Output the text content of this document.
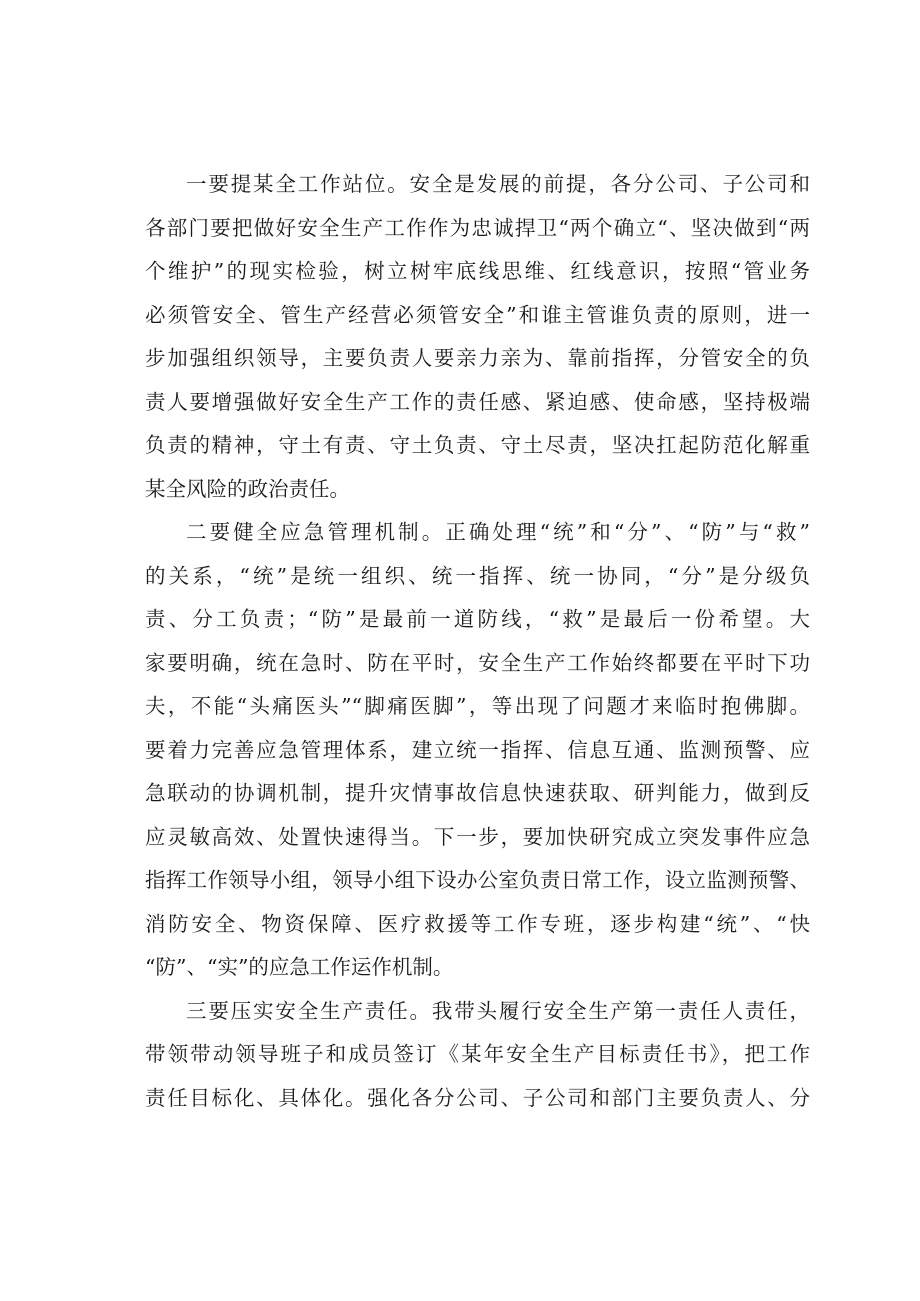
一要提某全工作站位。安全是发展的前提，各分公司、子公司和
各部门要把做好安全生产工作作为忠诚捍卫“两个确立“、坚决做到“两
个维护”的现实检验，树立树牢底线思维、红线意识，按照“管业务
必须管安全、管生产经营必须管安全”和谁主管谁负责的原则，进一
步加强组织领导，主要负责人要亲力亲为、靠前指挥，分管安全的负
责人要增强做好安全生产工作的责任感、紧迫感、使命感，坚持极端
负责的精神，守土有责、守土负责、守土尽责，坚决扛起防范化解重
某全风险的政治责任。
二要健全应急管理机制。正确处理“统”和“分”、“防”与“救”
的关系，“统”是统一组织、统一指挥、统一协同，“分”是分级负
责、分工负责；“防”是最前一道防线，“救”是最后一份希望。大
家要明确，统在急时、防在平时，安全生产工作始终都要在平时下功
夫，不能“头痛医头”“脚痛医脚”，等出现了问题才来临时抱佛脚。
要着力完善应急管理体系，建立统一指挥、信息互通、监测预警、应
急联动的协调机制，提升灾情事故信息快速获取、研判能力，做到反
应灵敏高效、处置快速得当。下一步，要加快研究成立突发事件应急
指挥工作领导小组，领导小组下设办公室负责日常工作，设立监测预警、
消防安全、物资保障、医疗救援等工作专班，逐步构建“统”、“快
“防”、“实”的应急工作运作机制。
三要压实安全生产责任。我带头履行安全生产第一责任人责任，
带领带动领导班子和成员签订《某年安全生产目标责任书》，把工作
责任目标化、具体化。强化各分公司、子公司和部门主要负责人、分
